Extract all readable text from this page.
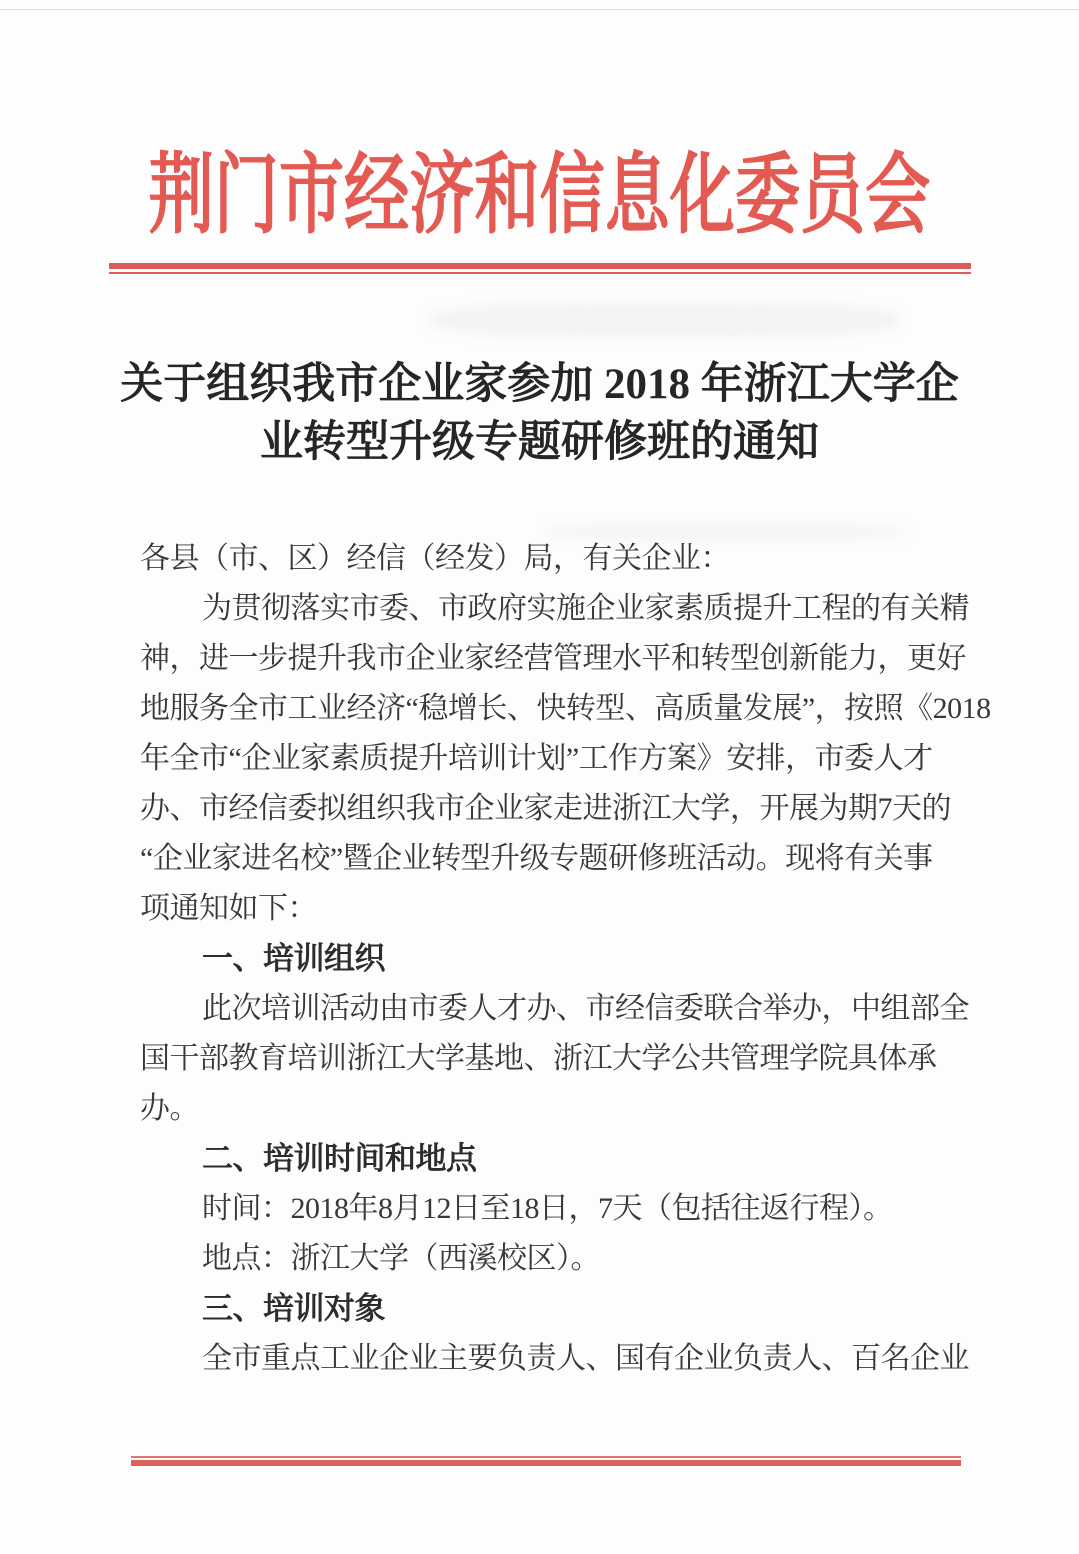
荆门市经济和信息化委员会
关于组织我市企业家参加 2018 年浙江大学企
业转型升级专题研修班的通知

各县（市、区）经信（经发）局，有关企业：

为贯彻落实市委、市政府实施企业家素质提升工程的有关精

神，进一步提升我市企业家经营管理水平和转型创新能力，更好

地服务全市工业经济“稳增长、快转型、高质量发展”，按照《2018

年全市“企业家素质提升培训计划”工作方案》安排，市委人才

办、市经信委拟组织我市企业家走进浙江大学，开展为期7天的

“企业家进名校”暨企业转型升级专题研修班活动。现将有关事

项通知如下：

一、培训组织

此次培训活动由市委人才办、市经信委联合举办，中组部全

国干部教育培训浙江大学基地、浙江大学公共管理学院具体承

办。

二、培训时间和地点

时间：2018年8月12日至18日，7天（包括往返行程）。

地点：浙江大学（西溪校区）。

三、培训对象

全市重点工业企业主要负责人、国有企业负责人、百名企业
